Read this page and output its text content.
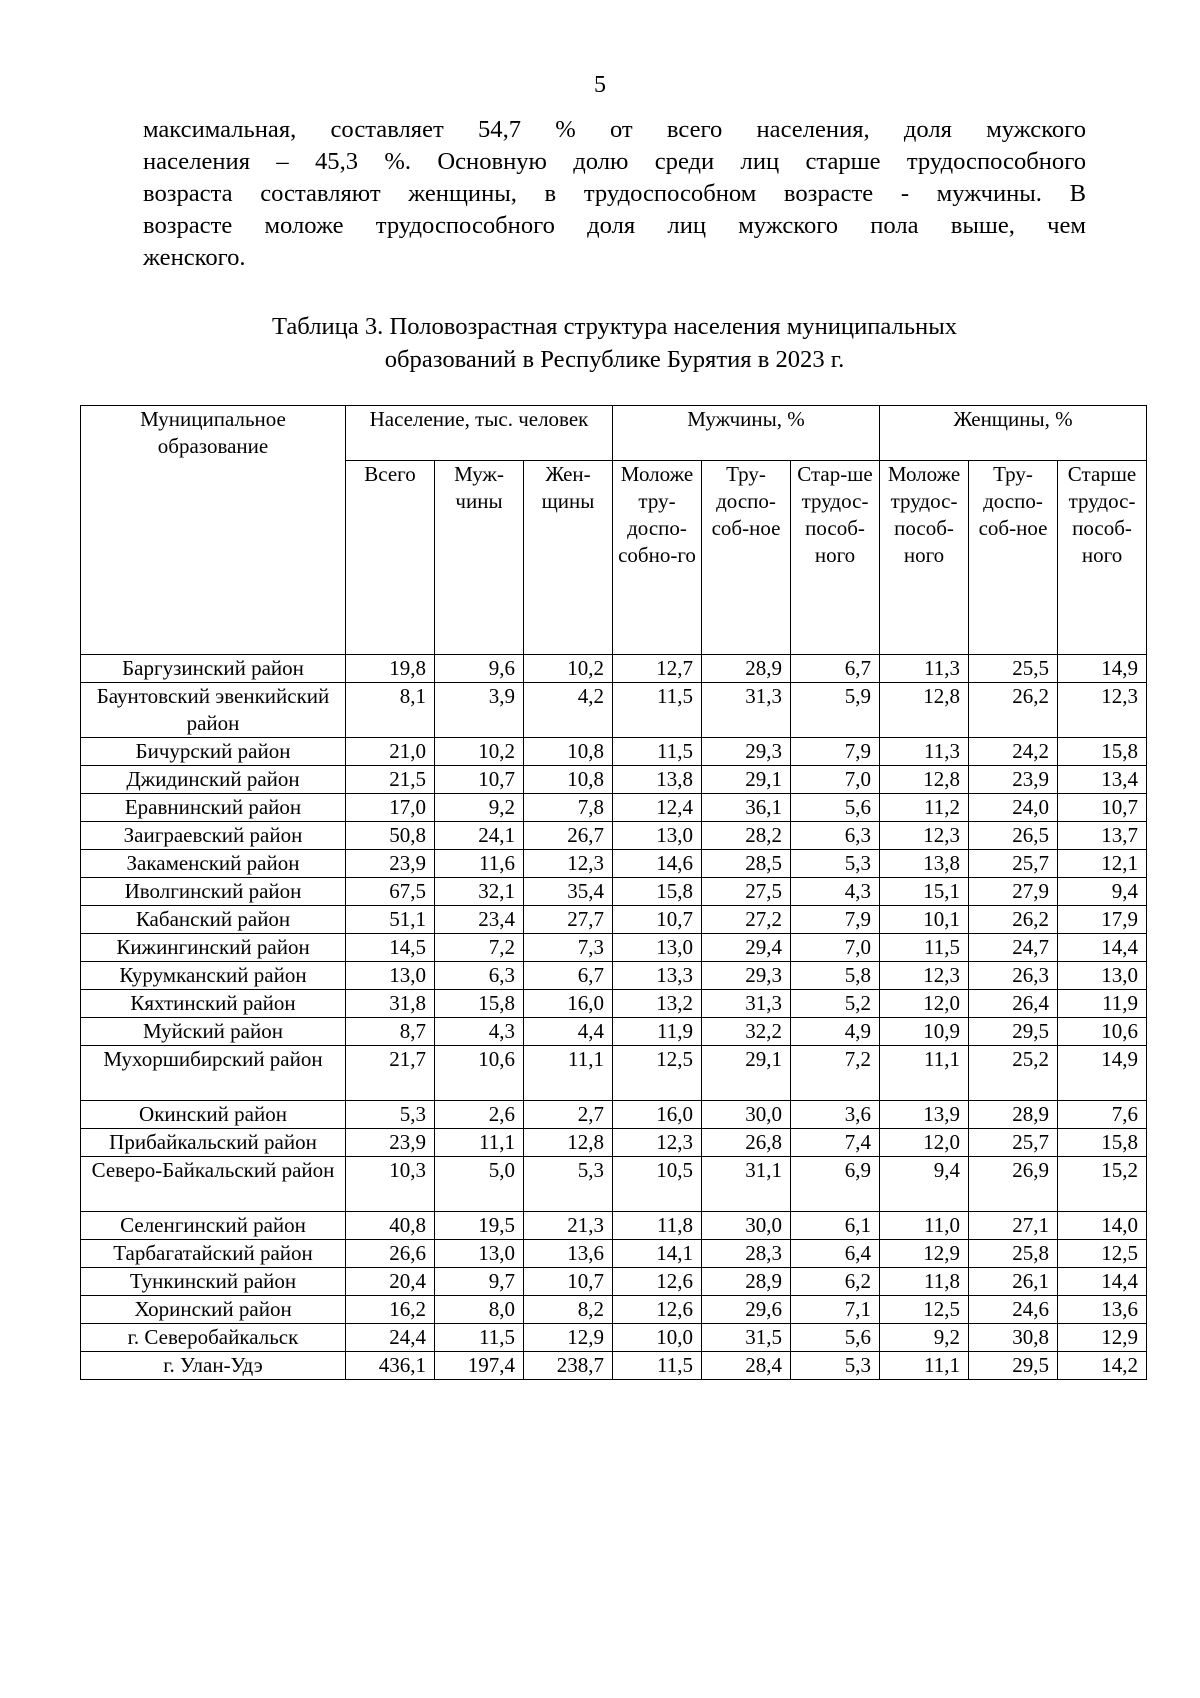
5
максимальная, составляет 54,7 % от всего населения, доля мужского
населения – 45,3 %. Основную долю среди лиц старше трудоспособного
возраста составляют женщины, в трудоспособном возрасте - мужчины. В
возрасте моложе трудоспособного доля лиц мужского пола выше, чем
женского.
Таблица 3. Половозрастная структура населения муниципальных
образований в Республике Бурятия в 2023 г.
Муниципальное образование	Население, тыс. человек			Мужчины, %			Женщины, %		
	Всего	Муж-чины	Жен-щины	Моложе тру-доспо-собно-го	Тру-доспо-соб-ное	Стар-ше трудос-пособ-ного	Моложе трудос-пособ-ного	Тру-доспо-соб-ное	Старше трудос-пособ-ного
Баргузинский район	19,8	9,6	10,2	12,7	28,9	6,7	11,3	25,5	14,9
Баунтовский эвенкийский район	8,1	3,9	4,2	11,5	31,3	5,9	12,8	26,2	12,3
Бичурский район	21,0	10,2	10,8	11,5	29,3	7,9	11,3	24,2	15,8
Джидинский район	21,5	10,7	10,8	13,8	29,1	7,0	12,8	23,9	13,4
Еравнинский район	17,0	9,2	7,8	12,4	36,1	5,6	11,2	24,0	10,7
Заиграевский район	50,8	24,1	26,7	13,0	28,2	6,3	12,3	26,5	13,7
Закаменский район	23,9	11,6	12,3	14,6	28,5	5,3	13,8	25,7	12,1
Иволгинский район	67,5	32,1	35,4	15,8	27,5	4,3	15,1	27,9	9,4
Кабанский район	51,1	23,4	27,7	10,7	27,2	7,9	10,1	26,2	17,9
Кижингинский район	14,5	7,2	7,3	13,0	29,4	7,0	11,5	24,7	14,4
Курумканский район	13,0	6,3	6,7	13,3	29,3	5,8	12,3	26,3	13,0
Кяхтинский район	31,8	15,8	16,0	13,2	31,3	5,2	12,0	26,4	11,9
Муйский район	8,7	4,3	4,4	11,9	32,2	4,9	10,9	29,5	10,6
Мухоршибирский район	21,7	10,6	11,1	12,5	29,1	7,2	11,1	25,2	14,9
Окинский район	5,3	2,6	2,7	16,0	30,0	3,6	13,9	28,9	7,6
Прибайкальский район	23,9	11,1	12,8	12,3	26,8	7,4	12,0	25,7	15,8
Северо-Байкальский район	10,3	5,0	5,3	10,5	31,1	6,9	9,4	26,9	15,2
Селенгинский район	40,8	19,5	21,3	11,8	30,0	6,1	11,0	27,1	14,0
Тарбагатайский район	26,6	13,0	13,6	14,1	28,3	6,4	12,9	25,8	12,5
Тункинский район	20,4	9,7	10,7	12,6	28,9	6,2	11,8	26,1	14,4
Хоринский район	16,2	8,0	8,2	12,6	29,6	7,1	12,5	24,6	13,6
г. Северобайкальск	24,4	11,5	12,9	10,0	31,5	5,6	9,2	30,8	12,9
г. Улан-Удэ	436,1	197,4	238,7	11,5	28,4	5,3	11,1	29,5	14,2
